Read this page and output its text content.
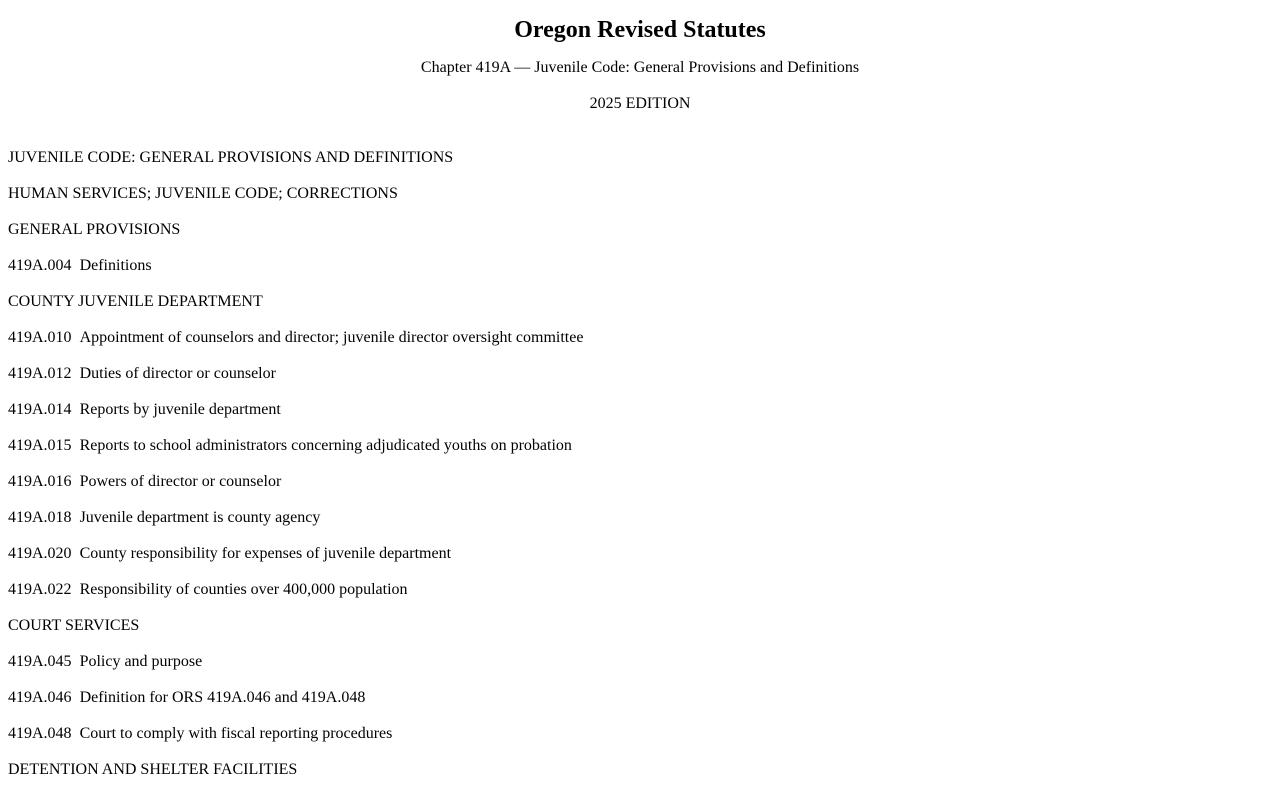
Oregon Revised Statutes

Chapter 419A — Juvenile Code: General Provisions and Definitions

2025 EDITION

JUVENILE CODE: GENERAL PROVISIONS AND DEFINITIONS
HUMAN SERVICES; JUVENILE CODE; CORRECTIONS
GENERAL PROVISIONS
419A.004 Definitions
COUNTY JUVENILE DEPARTMENT
419A.010 Appointment of counselors and director; juvenile director oversight committee
419A.012 Duties of director or counselor
419A.014 Reports by juvenile department
419A.015 Reports to school administrators concerning adjudicated youths on probation
419A.016 Powers of director or counselor
419A.018 Juvenile department is county agency
419A.020 County responsibility for expenses of juvenile department
419A.022 Responsibility of counties over 400,000 population
COURT SERVICES
419A.045 Policy and purpose
419A.046 Definition for ORS 419A.046 and 419A.048
419A.048 Court to comply with fiscal reporting procedures
DETENTION AND SHELTER FACILITIES
